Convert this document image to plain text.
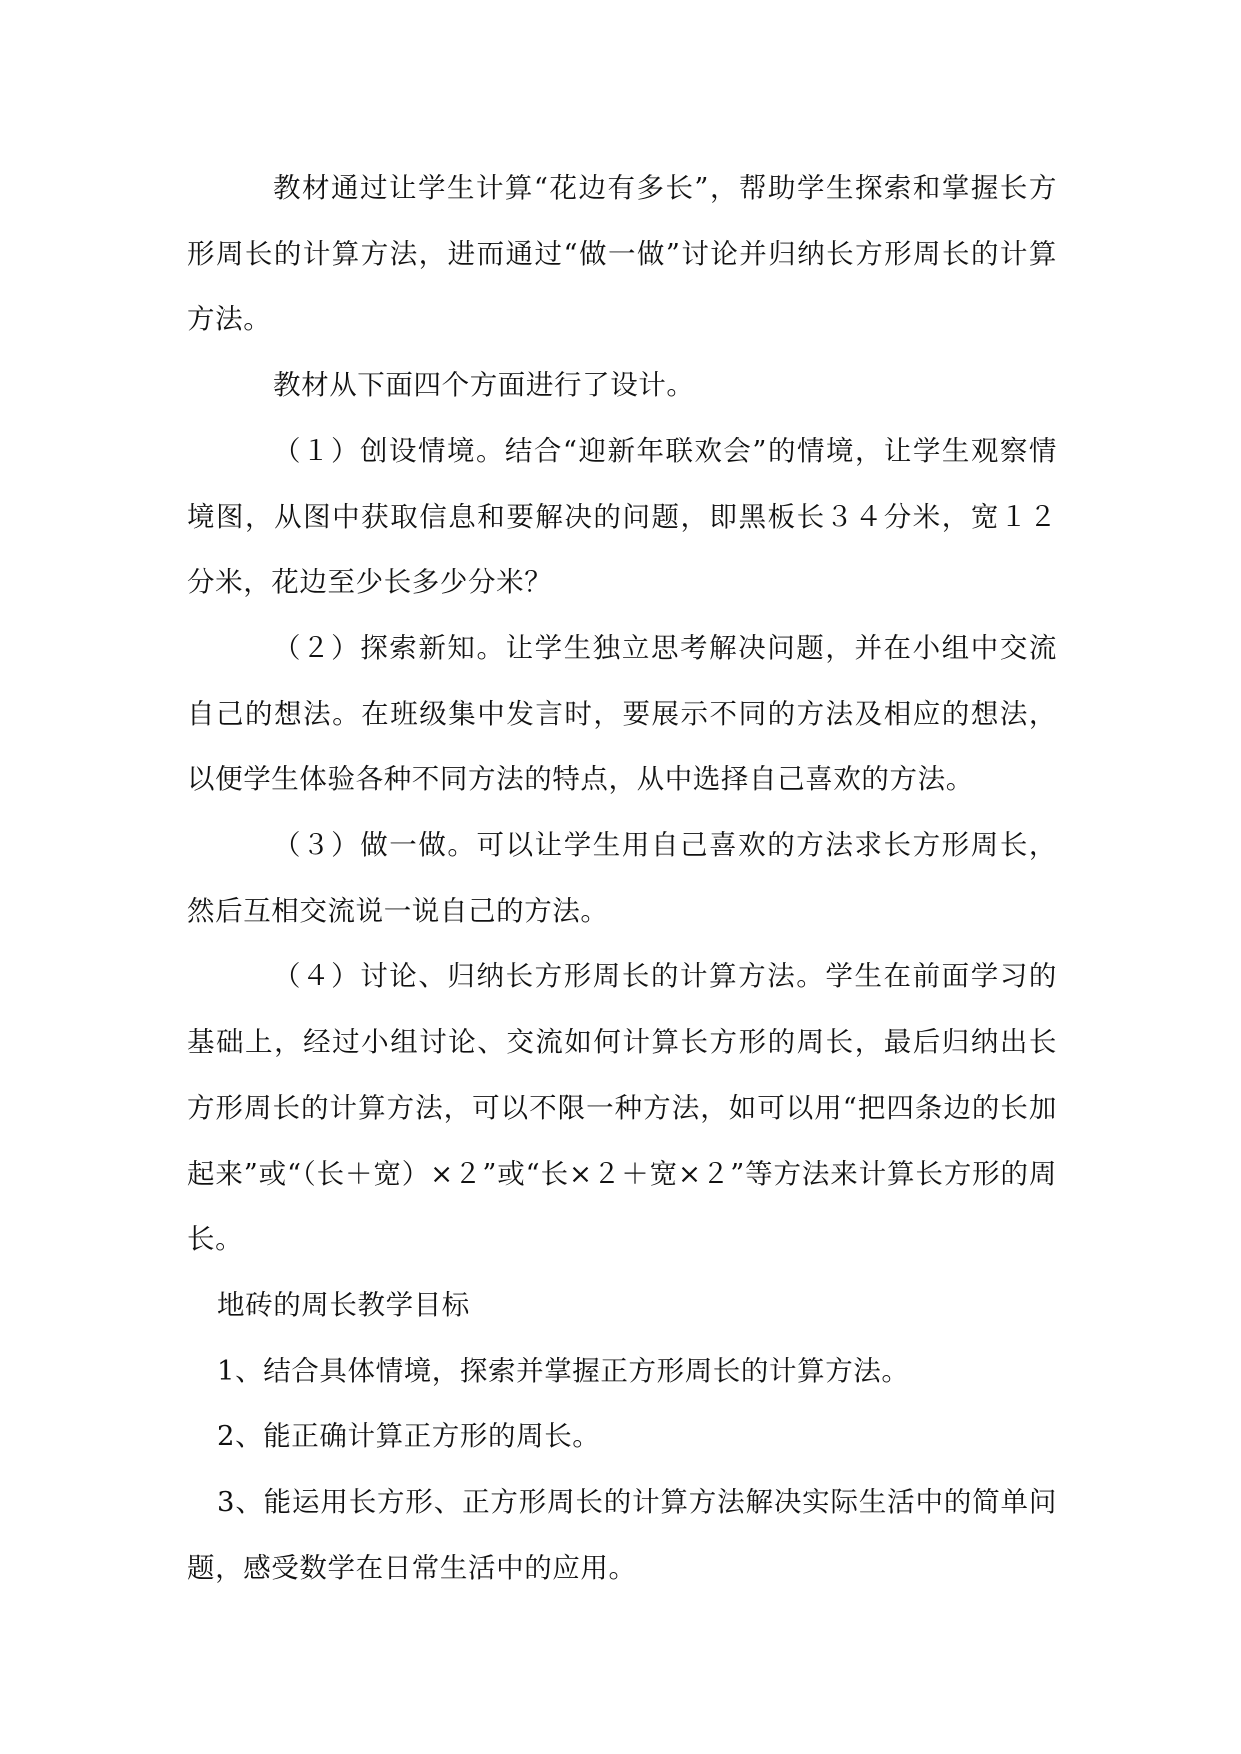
教材通过让学生计算“花边有多长”，帮助学生探索和掌握长方形周长的计算方法，进而通过“做一做”讨论并归纳长方形周长的计算方法。

教材从下面四个方面进行了设计。

（１）创设情境。结合“迎新年联欢会”的情境，让学生观察情境图，从图中获取信息和要解决的问题，即黑板长３４分米，宽１２分米，花边至少长多少分米？

（２）探索新知。让学生独立思考解决问题，并在小组中交流自己的想法。在班级集中发言时，要展示不同的方法及相应的想法，以便学生体验各种不同方法的特点，从中选择自己喜欢的方法。

（３）做一做。可以让学生用自己喜欢的方法求长方形周长，然后互相交流说一说自己的方法。

（４）讨论、归纳长方形周长的计算方法。学生在前面学习的基础上，经过小组讨论、交流如何计算长方形的周长，最后归纳出长方形周长的计算方法，可以不限一种方法，如可以用“把四条边的长加起来”或“（长＋宽）×２”或“长×２＋宽×２”等方法来计算长方形的周长。

地砖的周长教学目标

1、结合具体情境，探索并掌握正方形周长的计算方法。

2、能正确计算正方形的周长。

3、能运用长方形、正方形周长的计算方法解决实际生活中的简单问题，感受数学在日常生活中的应用。
